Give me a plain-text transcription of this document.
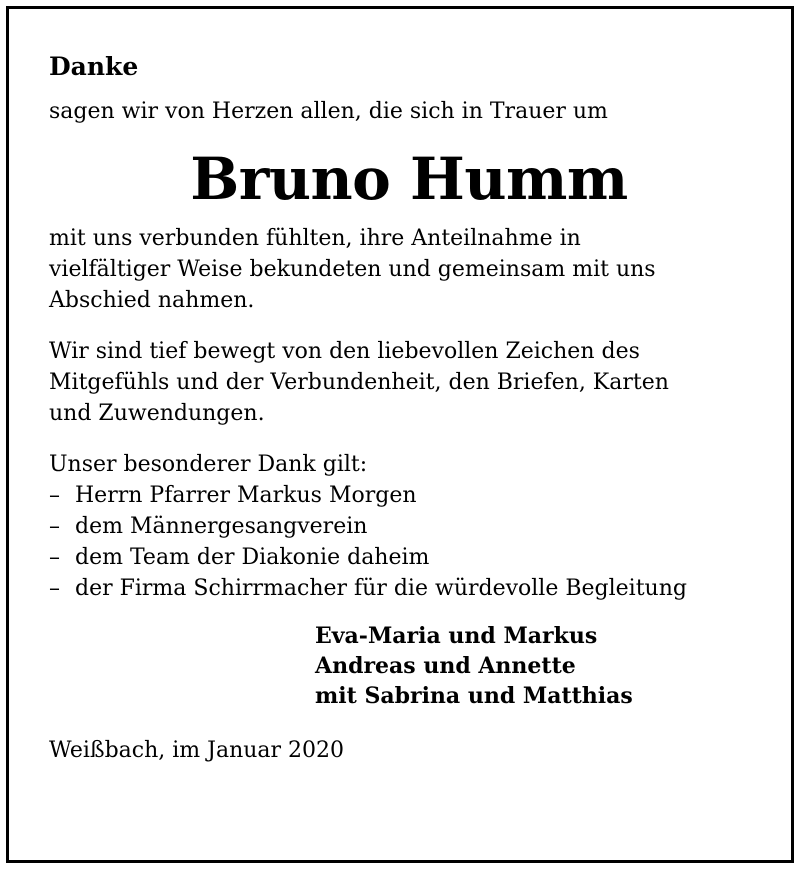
Danke

sagen wir von Herzen allen, die sich in Trauer um

Bruno Humm

mit uns verbunden fühlten, ihre Anteilnahme in

vielfältiger Weise bekundeten und gemeinsam mit uns

Abschied nahmen.

Wir sind tief bewegt von den liebevollen Zeichen des

Mitgefühls und der Verbundenheit, den Briefen, Karten

und Zuwendungen.

Unser besonderer Dank gilt:

– Herrn Pfarrer Markus Morgen
– dem Männergesangverein
– dem Team der Diakonie daheim
– der Firma Schirrmacher für die würdevolle Begleitung

Eva-Maria und Markus

Andreas und Annette

mit Sabrina und Matthias

Weißbach, im Januar 2020
